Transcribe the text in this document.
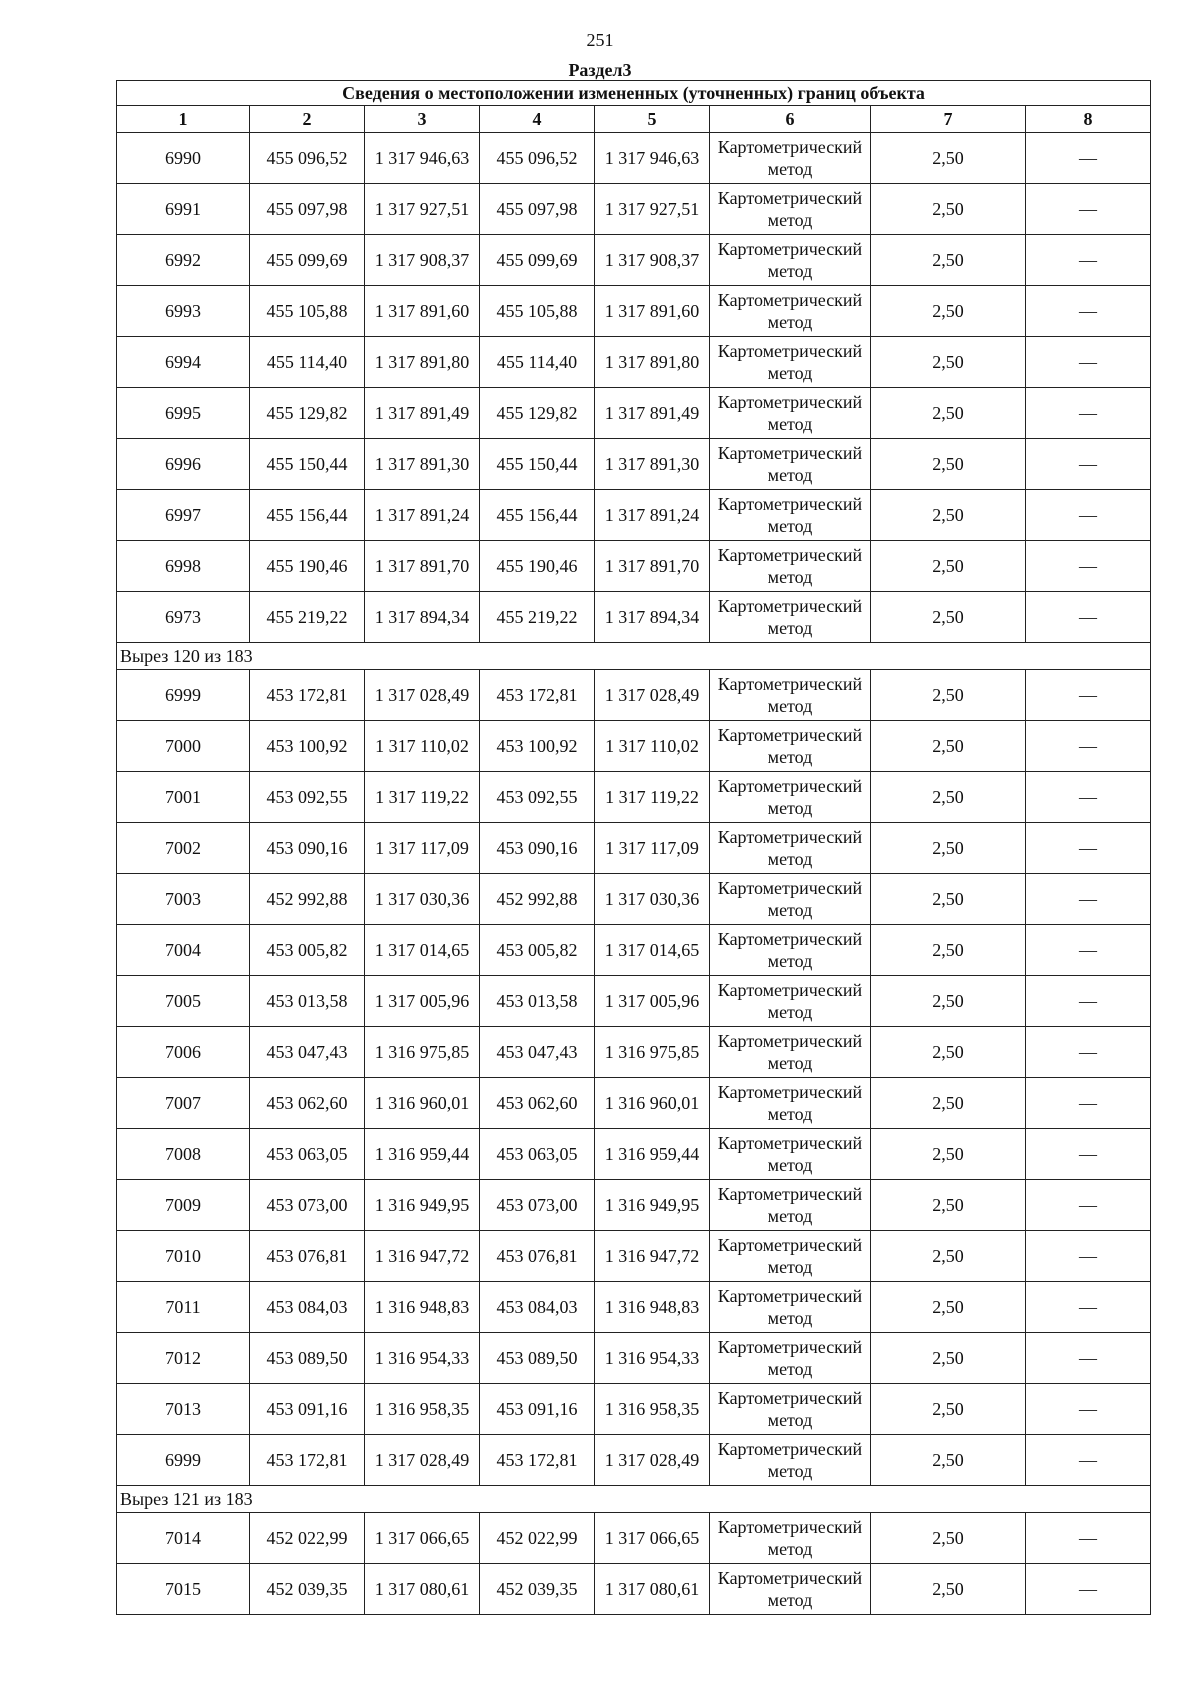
251
Раздел3
Сведения о местоположении измененных (уточненных) границ объекта							
1	2	3	4	5	6	7	8
6990	455 096,52	1 317 946,63	455 096,52	1 317 946,63	Картометрический метод	2,50	—
6991	455 097,98	1 317 927,51	455 097,98	1 317 927,51	Картометрический метод	2,50	—
6992	455 099,69	1 317 908,37	455 099,69	1 317 908,37	Картометрический метод	2,50	—
6993	455 105,88	1 317 891,60	455 105,88	1 317 891,60	Картометрический метод	2,50	—
6994	455 114,40	1 317 891,80	455 114,40	1 317 891,80	Картометрический метод	2,50	—
6995	455 129,82	1 317 891,49	455 129,82	1 317 891,49	Картометрический метод	2,50	—
6996	455 150,44	1 317 891,30	455 150,44	1 317 891,30	Картометрический метод	2,50	—
6997	455 156,44	1 317 891,24	455 156,44	1 317 891,24	Картометрический метод	2,50	—
6998	455 190,46	1 317 891,70	455 190,46	1 317 891,70	Картометрический метод	2,50	—
6973	455 219,22	1 317 894,34	455 219,22	1 317 894,34	Картометрический метод	2,50	—
Вырез 120 из 183							
6999	453 172,81	1 317 028,49	453 172,81	1 317 028,49	Картометрический метод	2,50	—
7000	453 100,92	1 317 110,02	453 100,92	1 317 110,02	Картометрический метод	2,50	—
7001	453 092,55	1 317 119,22	453 092,55	1 317 119,22	Картометрический метод	2,50	—
7002	453 090,16	1 317 117,09	453 090,16	1 317 117,09	Картометрический метод	2,50	—
7003	452 992,88	1 317 030,36	452 992,88	1 317 030,36	Картометрический метод	2,50	—
7004	453 005,82	1 317 014,65	453 005,82	1 317 014,65	Картометрический метод	2,50	—
7005	453 013,58	1 317 005,96	453 013,58	1 317 005,96	Картометрический метод	2,50	—
7006	453 047,43	1 316 975,85	453 047,43	1 316 975,85	Картометрический метод	2,50	—
7007	453 062,60	1 316 960,01	453 062,60	1 316 960,01	Картометрический метод	2,50	—
7008	453 063,05	1 316 959,44	453 063,05	1 316 959,44	Картометрический метод	2,50	—
7009	453 073,00	1 316 949,95	453 073,00	1 316 949,95	Картометрический метод	2,50	—
7010	453 076,81	1 316 947,72	453 076,81	1 316 947,72	Картометрический метод	2,50	—
7011	453 084,03	1 316 948,83	453 084,03	1 316 948,83	Картометрический метод	2,50	—
7012	453 089,50	1 316 954,33	453 089,50	1 316 954,33	Картометрический метод	2,50	—
7013	453 091,16	1 316 958,35	453 091,16	1 316 958,35	Картометрический метод	2,50	—
6999	453 172,81	1 317 028,49	453 172,81	1 317 028,49	Картометрический метод	2,50	—
Вырез 121 из 183							
7014	452 022,99	1 317 066,65	452 022,99	1 317 066,65	Картометрический метод	2,50	—
7015	452 039,35	1 317 080,61	452 039,35	1 317 080,61	Картометрический метод	2,50	—
